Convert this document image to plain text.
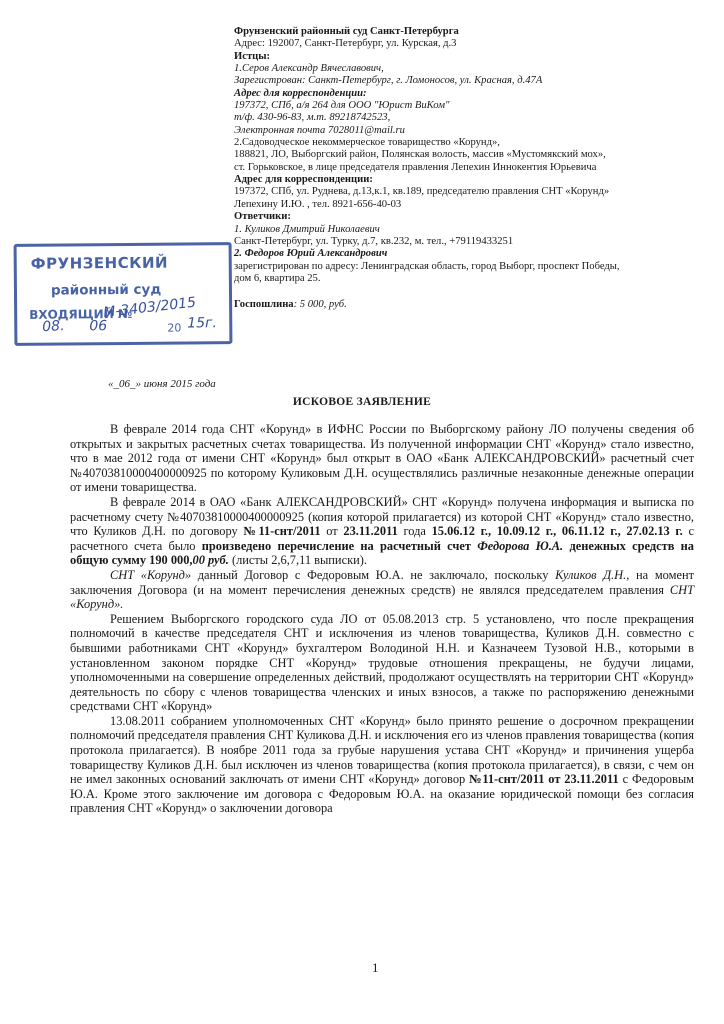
Фрунзенский районный суд Санкт-Петербурга
Адрес: 192007, Санкт-Петербург, ул. Курская, д.3
Истцы:
1.Серов Александр Вячеславович,
Зарегистрован: Санкт-Петербург, г. Ломоносов, ул. Красная, д.47А
Адрес для корреспонденции:
197372, СПб, а/я 264 для ООО "Юрист ВиКом"
т/ф. 430-96-83, м.т. 89218742523,
Электронная почта 7028011@mail.ru
2.Садоводческое некоммерческое товарищество «Корунд»,
188821, ЛО, Выборгский район, Полянская волость, массив «Мустомякский мох»,
ст. Горьковское, в лице председателя правления Лепехин Иннокентия Юрьевича
Адрес для корреспонденции:
197372, СПб, ул. Руднева, д.13,к.1, кв.189, председателю правления СНТ «Корунд»
Лепехину И.Ю. , тел. 8921-656-40-03
Ответчики:
1. Куликов Дмитрий Николаевич
Санкт-Петербург, ул. Турку, д.7, кв.232, м. тел., +79119433251
2. Федоров Юрий Александрович
зарегистрирован по адресу: Ленинградская область, город Выборг, проспект Победы,
дом 6, квартира 25.
Госпошлина: 5 000, руб.
ФРУНЗЕНСКИЙ
районный суд
ВХОДЯЩИЙ №
М-3403/2015
08. 06	20 15г.
«_06_» июня 2015 года
ИСКОВОЕ ЗАЯВЛЕНИЕ

В феврале 2014 года СНТ «Корунд» в ИФНС России по Выборгскому району ЛО получены сведения об открытых и закрытых расчетных счетах товарищества. Из полученной информации СНТ «Корунд» стало известно, что в мае 2012 года от имени СНТ «Корунд» был открыт в ОАО «Банк АЛЕКСАНДРОВСКИЙ» расчетный счет №40703810000400000925 по которому Куликовым Д.Н. осуществлялись различные незаконные денежные операции от имени товарищества.

В феврале 2014 в ОАО «Банк АЛЕКСАНДРОВСКИЙ» СНТ «Корунд» получена информация и выписка по расчетному счету №40703810000400000925 (копия которой прилагается) из которой СНТ «Корунд» стало известно, что Куликов Д.Н. по договору №11-снт/2011 от 23.11.2011 года 15.06.12 г., 10.09.12 г., 06.11.12 г., 27.02.13 г. с расчетного счета было произведено перечисление на расчетный счет Федорова Ю.А. денежных средств на общую сумму 190 000,00 руб. (листы 2,6,7,11 выписки).

СНТ «Корунд» данный Договор с Федоровым Ю.А. не заключало, поскольку Куликов Д.Н., на момент заключения Договора (и на момент перечисления денежных средств) не являлся председателем правления СНТ «Корунд».

Решением Выборгского городского суда ЛО от 05.08.2013 стр. 5 установлено, что после прекращения полномочий в качестве председателя СНТ и исключения из членов товарищества, Куликов Д.Н. совместно с бывшими работниками СНТ «Корунд» бухгалтером Володиной Н.Н. и Казначеем Тузовой Н.В., которыми в установленном законом порядке СНТ «Корунд» трудовые отношения прекращены, не будучи лицами, уполномоченными на совершение определенных действий, продолжают осуществлять на территории СНТ «Корунд» деятельность по сбору с членов товарищества членских и иных взносов, а также по распоряжению денежными средствами СНТ «Корунд»

13.08.2011 собранием уполномоченных СНТ «Корунд» было принято решение о досрочном прекращении полномочий председателя правления СНТ Куликова Д.Н. и исключения его из членов правления товарищества (копия протокола прилагается). В ноябре 2011 года за грубые нарушения устава СНТ «Корунд» и причинения ущерба товариществу Куликов Д.Н. был исключен из членов товарищества (копия протокола прилагается), в связи, с чем он не имел законных оснований заключать от имени СНТ «Корунд» договор №11-снт/2011 от 23.11.2011 с Федоровым Ю.А. Кроме этого заключение им договора с Федоровым Ю.А. на оказание юридической помощи без согласия правления СНТ «Корунд» о заключении договора

1
